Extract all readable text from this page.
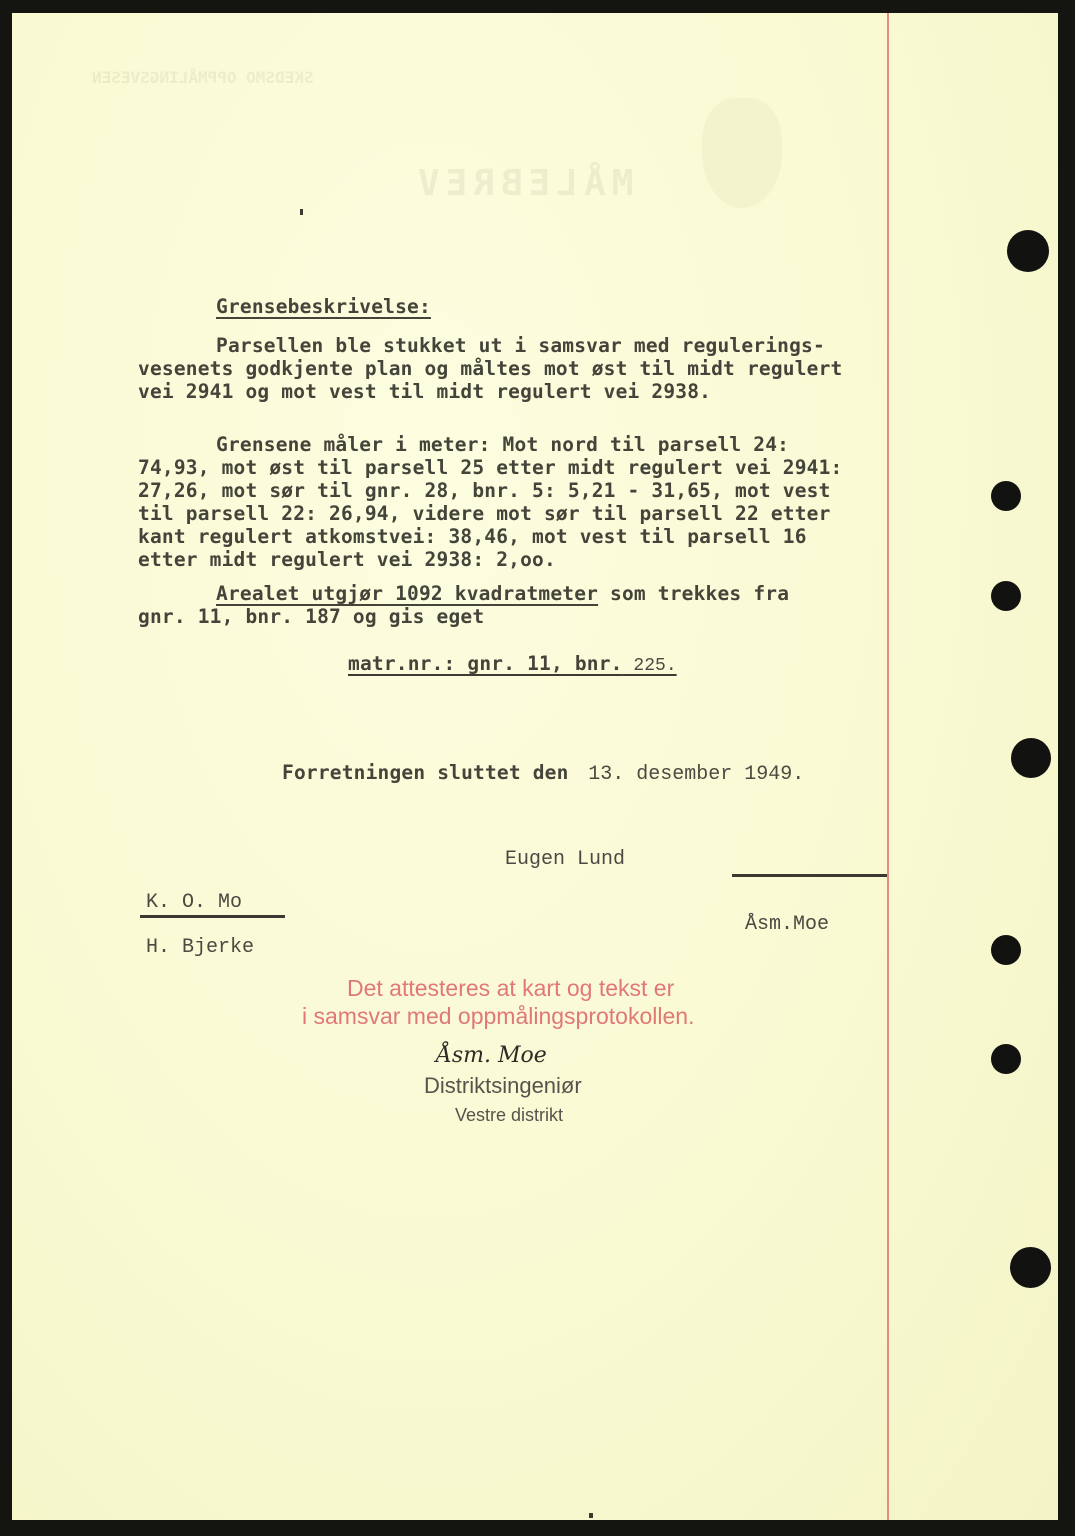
SKEDSMO OPPMÅLINGSVESEN
MÅLEBREV
Grensebeskrivelse:
Parsellen ble stukket ut i samsvar med regulerings-
vesenets godkjente plan og måltes mot øst til midt regulert
vei 2941 og mot vest til midt regulert vei 2938.
Grensene måler i meter: Mot nord til parsell 24:
74,93, mot øst til parsell 25 etter midt regulert vei 2941:
27,26, mot sør til gnr. 28, bnr. 5: 5,21 - 31,65, mot vest
til parsell 22: 26,94, videre mot sør til parsell 22 etter
kant regulert atkomstvei: 38,46, mot vest til parsell 16
etter midt regulert vei 2938: 2,oo.
Arealet utgjør 1092 kvadratmeter som trekkes fra
gnr. 11, bnr. 187 og gis eget
matr.nr.: gnr. 11, bnr. 225.
Forretningen sluttet den 13. desember 1949.
Eugen Lund
K. O. Mo
Åsm.Moe
H. Bjerke
Det attesteres at kart og tekst er
i samsvar med oppmålingsprotokollen.
Åsm. Moe
Distriktsingeniør
Vestre distrikt
